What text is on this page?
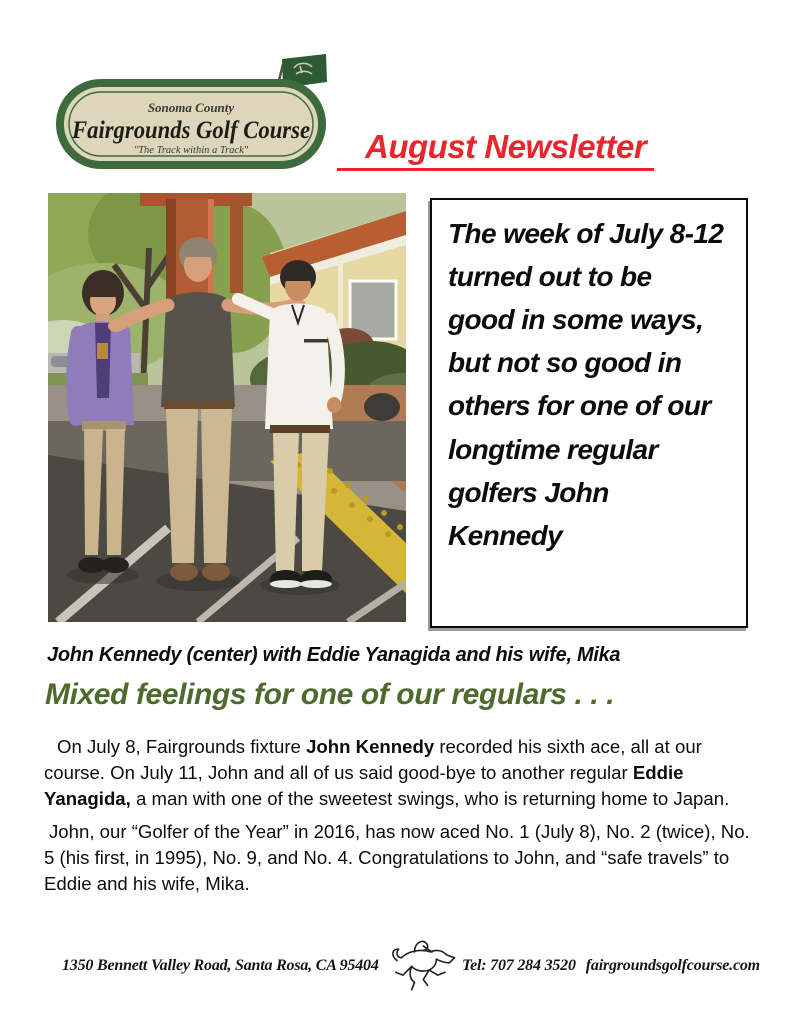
Sonoma County
Fairgrounds Golf Course
"The Track within a Track"	August Newsletter
The week of July 8-12 turned out to be good in some ways, but not so good in others for one of our longtime regular golfers John Kennedy
John Kennedy (center) with Eddie Yanagida and his wife, Mika
Mixed feelings for one of our regulars . . .

On July 8, Fairgrounds fixture John Kennedy recorded his sixth ace, all at our course. On July 11, John and all of us said good-bye to another regular Eddie Yanagida, a man with one of the sweetest swings, who is returning home to Japan.

John, our “Golfer of the Year” in 2016, has now aced No. 1 (July 8), No. 2 (twice), No. 5 (his first, in 1995), No. 9, and No. 4. Congratulations to John, and “safe travels” to Eddie and his wife, Mika.

1350 Bennett Valley Road, Santa Rosa, CA 95404	Tel: 707 284 3520 fairgroundsgolfcourse.com
